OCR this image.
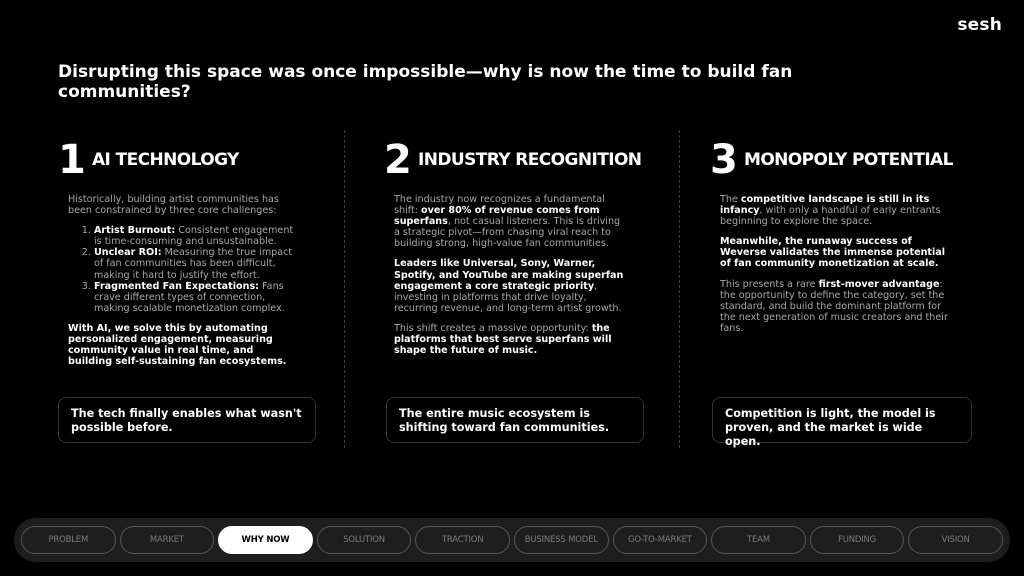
sesh
Disrupting this space was once impossible—why is now the time to build fan communities?
1 AI TECHNOLOGY

Historically, building artist communities has been constrained by three core challenges:

1. Artist Burnout: Consistent engagement is time-consuming and unsustainable.
2. Unclear ROI: Measuring the true impact of fan communities has been difficult, making it hard to justify the effort.
3. Fragmented Fan Expectations: Fans crave different types of connection, making scalable monetization complex.

With AI, we solve this by automating personalized engagement, measuring community value in real time, and building self-sustaining fan ecosystems.

2 INDUSTRY RECOGNITION

The industry now recognizes a fundamental shift: over 80% of revenue comes from superfans, not casual listeners. This is driving a strategic pivot—from chasing viral reach to building strong, high-value fan communities.

Leaders like Universal, Sony, Warner, Spotify, and YouTube are making superfan engagement a core strategic priority, investing in platforms that drive loyalty, recurring revenue, and long-term artist growth.

This shift creates a massive opportunity: the platforms that best serve superfans will shape the future of music.

3 MONOPOLY POTENTIAL

The competitive landscape is still in its infancy, with only a handful of early entrants beginning to explore the space.

Meanwhile, the runaway success of Weverse validates the immense potential of fan community monetization at scale.

This presents a rare first-mover advantage: the opportunity to define the category, set the standard, and build the dominant platform for the next generation of music creators and their fans.

The tech finally enables what wasn't possible before.
The entire music ecosystem is shifting toward fan communities.
Competition is light, the model is proven, and the market is wide open.
PROBLEM	MARKET	WHY NOW	SOLUTION	TRACTION	BUSINESS MODEL	GO-TO-MARKET	TEAM	FUNDING	VISION
